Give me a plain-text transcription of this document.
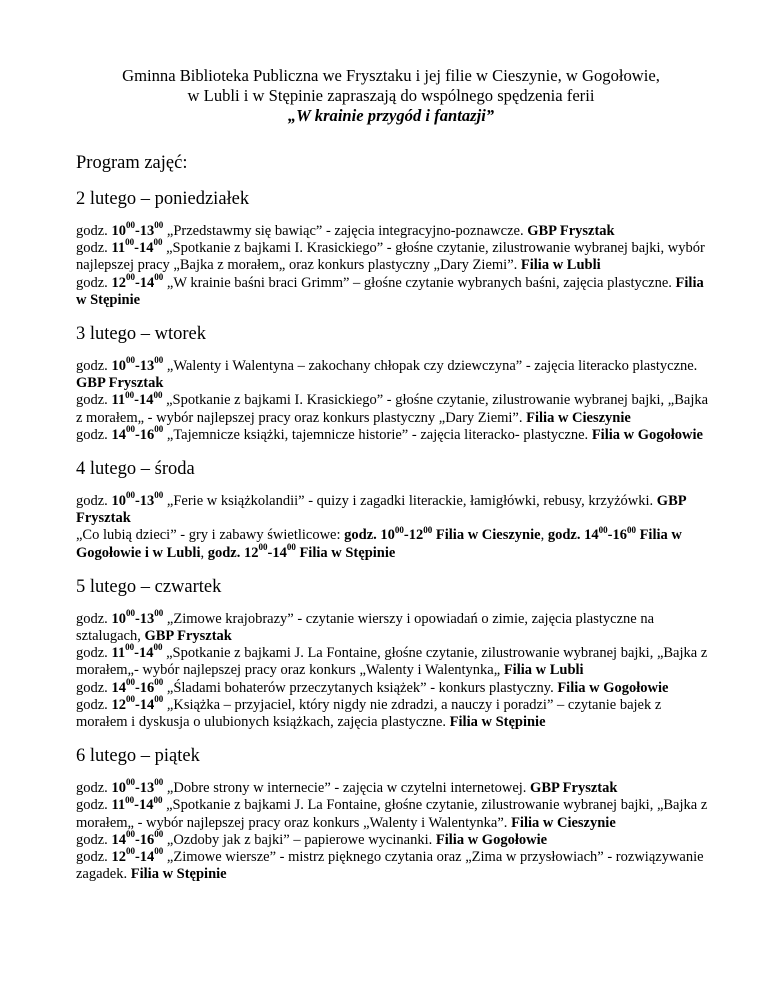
Gminna Biblioteka Publiczna we Frysztaku i jej filie w Cieszynie, w Gogołowie,
w Lubli i w Stępinie zapraszają do wspólnego spędzenia ferii
„W krainie przygód i fantazji”
Program zajęć:
2 lutego – poniedziałek
godz. $10^{00}-13^{00}$ „Przedstawmy się bawiąc” - zajęcia integracyjno-poznawcze. GBP Frysztak
godz. $11^{00}-14^{00}$ „Spotkanie z bajkami I. Krasickiego” - głośne czytanie, zilustrowanie wybranej bajki, wybór najlepszej pracy „Bajka z morałem„ oraz konkurs plastyczny „Dary Ziemi”. Filia w Lubli
godz. $12^{00}-14^{00}$ „W krainie baśni braci Grimm” – głośne czytanie wybranych baśni, zajęcia plastyczne. Filia w Stępinie
3 lutego – wtorek
godz. $10^{00}-13^{00}$ „Walenty i Walentyna – zakochany chłopak czy dziewczyna” - zajęcia literacko plastyczne. GBP Frysztak
godz. $11^{00}-14^{00}$ „Spotkanie z bajkami I. Krasickiego” - głośne czytanie, zilustrowanie wybranej bajki, „Bajka z morałem„ - wybór najlepszej pracy oraz konkurs plastyczny „Dary Ziemi”. Filia w Cieszynie
godz. $14^{00}-16^{00}$ „Tajemnicze książki, tajemnicze historie” - zajęcia literacko- plastyczne. Filia w Gogołowie
4 lutego – środa
godz. $10^{00}-13^{00}$ „Ferie w książkolandii” - quizy i zagadki literackie, łamigłówki, rebusy, krzyżówki. GBP Frysztak
„Co lubią dzieci” - gry i zabawy świetlicowe: godz. $10^{00}-12^{00}$ Filia w Cieszynie, godz. $14^{00}-16^{00}$ Filia w Gogołowie i w Lubli, godz. $12^{00}-14^{00}$ Filia w Stępinie
5 lutego – czwartek
godz. $10^{00}-13^{00}$ „Zimowe krajobrazy” - czytanie wierszy i opowiadań o zimie, zajęcia plastyczne na sztalugach, GBP Frysztak
godz. $11^{00}-14^{00}$ „Spotkanie z bajkami J. La Fontaine, głośne czytanie, zilustrowanie wybranej bajki, „Bajka z morałem„- wybór najlepszej pracy oraz konkurs „Walenty i Walentynka„ Filia w Lubli
godz. $14^{00}-16^{00}$ „Śladami bohaterów przeczytanych książek” - konkurs plastyczny. Filia w Gogołowie
godz. $12^{00}-14^{00}$ „Książka – przyjaciel, który nigdy nie zdradzi, a nauczy i poradzi” – czytanie bajek z morałem i dyskusja o ulubionych książkach, zajęcia plastyczne. Filia w Stępinie
6 lutego – piątek
godz. $10^{00}-13^{00}$ „Dobre strony w internecie” - zajęcia w czytelni internetowej. GBP Frysztak
godz. $11^{00}-14^{00}$ „Spotkanie z bajkami J. La Fontaine, głośne czytanie, zilustrowanie wybranej bajki, „Bajka z morałem„ - wybór najlepszej pracy oraz konkurs „Walenty i Walentynka”. Filia w Cieszynie
godz. $14^{00}-16^{00}$ „Ozdoby jak z bajki” – papierowe wycinanki. Filia w Gogołowie
godz. $12^{00}-14^{00}$ „Zimowe wiersze” - mistrz pięknego czytania oraz „Zima w przysłowiach” - rozwiązywanie zagadek. Filia w Stępinie
